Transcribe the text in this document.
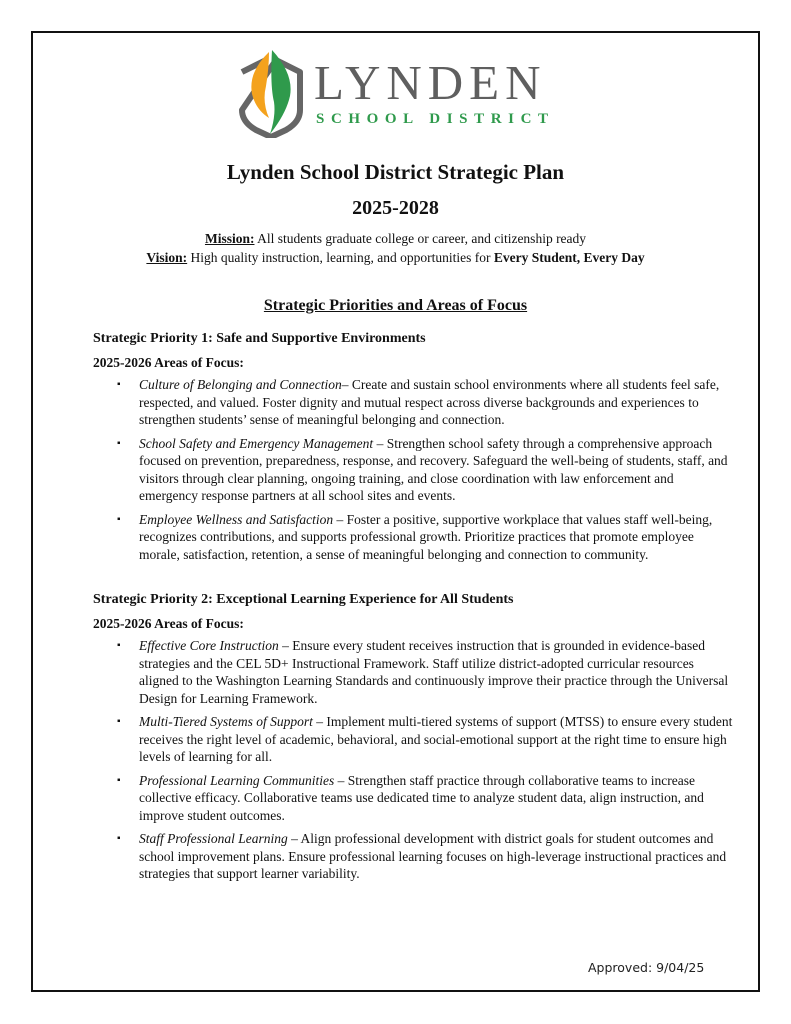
LYNDEN
SCHOOL DISTRICT
Lynden School District Strategic Plan
2025-2028
Mission: All students graduate college or career, and citizenship ready
Vision: High quality instruction, learning, and opportunities for Every Student, Every Day
Strategic Priorities and Areas of Focus
Strategic Priority 1: Safe and Supportive Environments
2025-2026 Areas of Focus:
▪ Culture of Belonging and Connection– Create and sustain school environments where all students feel safe, respected, and valued. Foster dignity and mutual respect across diverse backgrounds and experiences to strengthen students’ sense of meaningful belonging and connection.
▪ School Safety and Emergency Management – Strengthen school safety through a comprehensive approach focused on prevention, preparedness, response, and recovery. Safeguard the well-being of students, staff, and visitors through clear planning, ongoing training, and close coordination with law enforcement and emergency response partners at all school sites and events.
▪ Employee Wellness and Satisfaction – Foster a positive, supportive workplace that values staff well-being, recognizes contributions, and supports professional growth. Prioritize practices that promote employee morale, satisfaction, retention, a sense of meaningful belonging and connection to community.
Strategic Priority 2: Exceptional Learning Experience for All Students
2025-2026 Areas of Focus:
▪ Effective Core Instruction – Ensure every student receives instruction that is grounded in evidence-based strategies and the CEL 5D+ Instructional Framework. Staff utilize district-adopted curricular resources aligned to the Washington Learning Standards and continuously improve their practice through the Universal Design for Learning Framework.
▪ Multi-Tiered Systems of Support – Implement multi-tiered systems of support (MTSS) to ensure every student receives the right level of academic, behavioral, and social-emotional support at the right time to ensure high levels of learning for all.
▪ Professional Learning Communities – Strengthen staff practice through collaborative teams to increase collective efficacy. Collaborative teams use dedicated time to analyze student data, align instruction, and improve student outcomes.
▪ Staff Professional Learning – Align professional development with district goals for student outcomes and school improvement plans. Ensure professional learning focuses on high-leverage instructional practices and strategies that support learner variability.
Approved: 9/04/25
